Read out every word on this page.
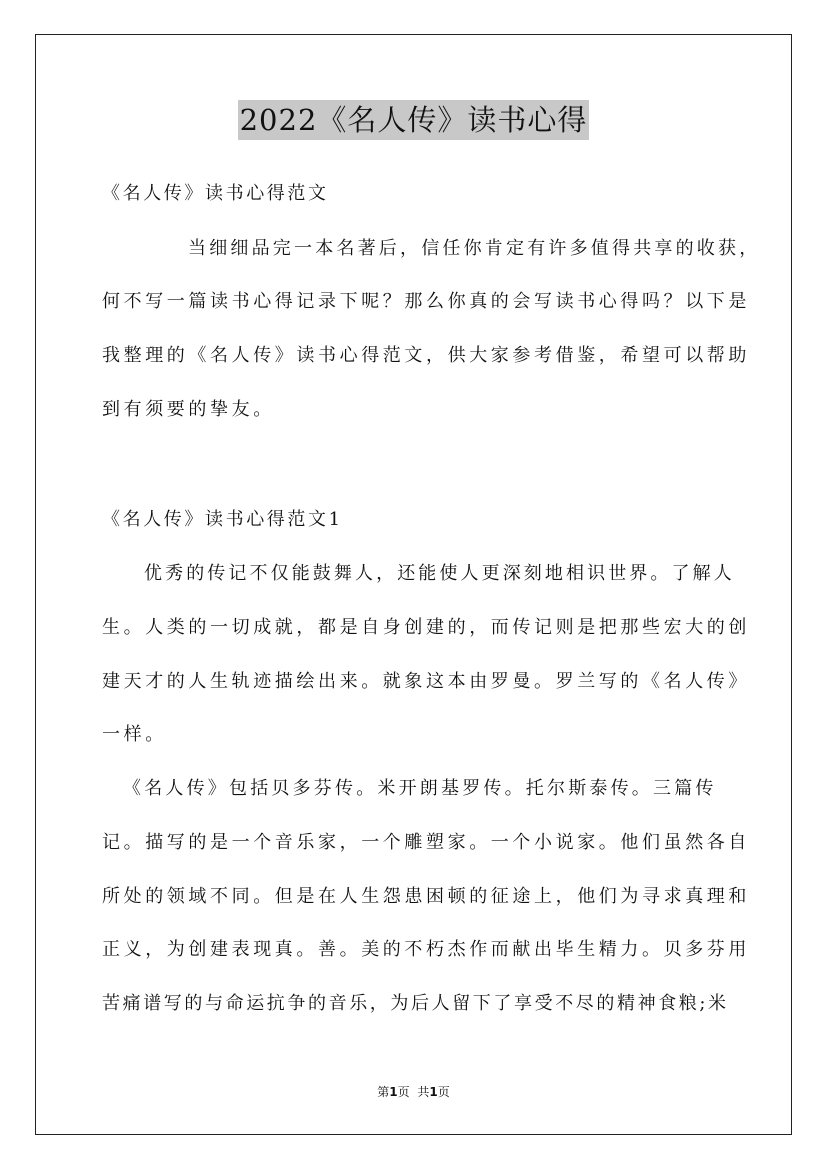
2022《名人传》读书心得
《名人传》读书心得范文
当细细品完一本名著后，信任你肯定有许多值得共享的收获，
何不写一篇读书心得记录下呢？那么你真的会写读书心得吗？以下是
我整理的《名人传》读书心得范文，供大家参考借鉴，希望可以帮助
到有须要的挚友。
《名人传》读书心得范文1
优秀的传记不仅能鼓舞人，还能使人更深刻地相识世界。了解人
生。人类的一切成就，都是自身创建的，而传记则是把那些宏大的创
建天才的人生轨迹描绘出来。就象这本由罗曼。罗兰写的《名人传》
一样。
《名人传》包括贝多芬传。米开朗基罗传。托尔斯泰传。三篇传
记。描写的是一个音乐家，一个雕塑家。一个小说家。他们虽然各自
所处的领域不同。但是在人生怨患困顿的征途上，他们为寻求真理和
正义，为创建表现真。善。美的不朽杰作而献出毕生精力。贝多芬用
苦痛谱写的与命运抗争的音乐，为后人留下了享受不尽的精神食粮;米
第1页 共1页
